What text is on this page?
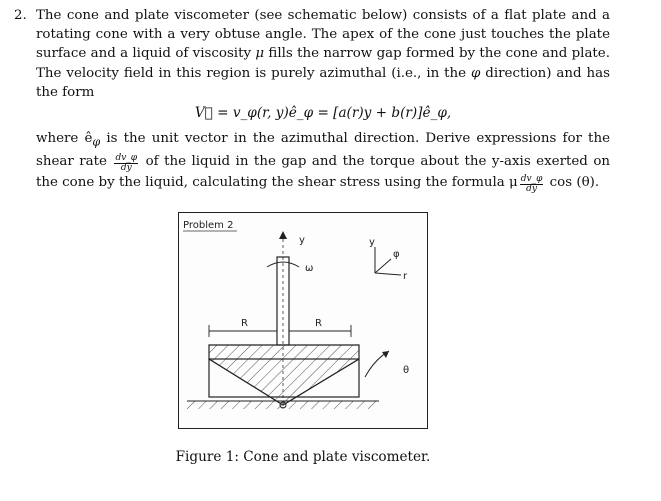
2. The cone and plate viscometer (see schematic below) consists of a flat plate and a rotating cone with a very obtuse angle. The apex of the cone just touches the plate surface and a liquid of viscosity μ fills the narrow gap formed by the cone and plate. The velocity field in this region is purely azimuthal (i.e., in the φ direction) and has the form
V⃗ = v_φ(r, y)ê_φ = [a(r)y + b(r)]ê_φ,
where $ê_\varphi$ is the unit vector in the azimuthal direction. Derive expressions for the shear rate $\frac{dv\_\varphi}{dy}$ of the liquid in the gap and the torque about the y-axis exerted on the cone by the liquid, calculating the shear stress using the formula μ $\frac{dv\_\varphi}{dy}$ cos (θ).
Problem 2
y
ω
y
r
φ
R	R
θ
Figure 1: Cone and plate viscometer.
